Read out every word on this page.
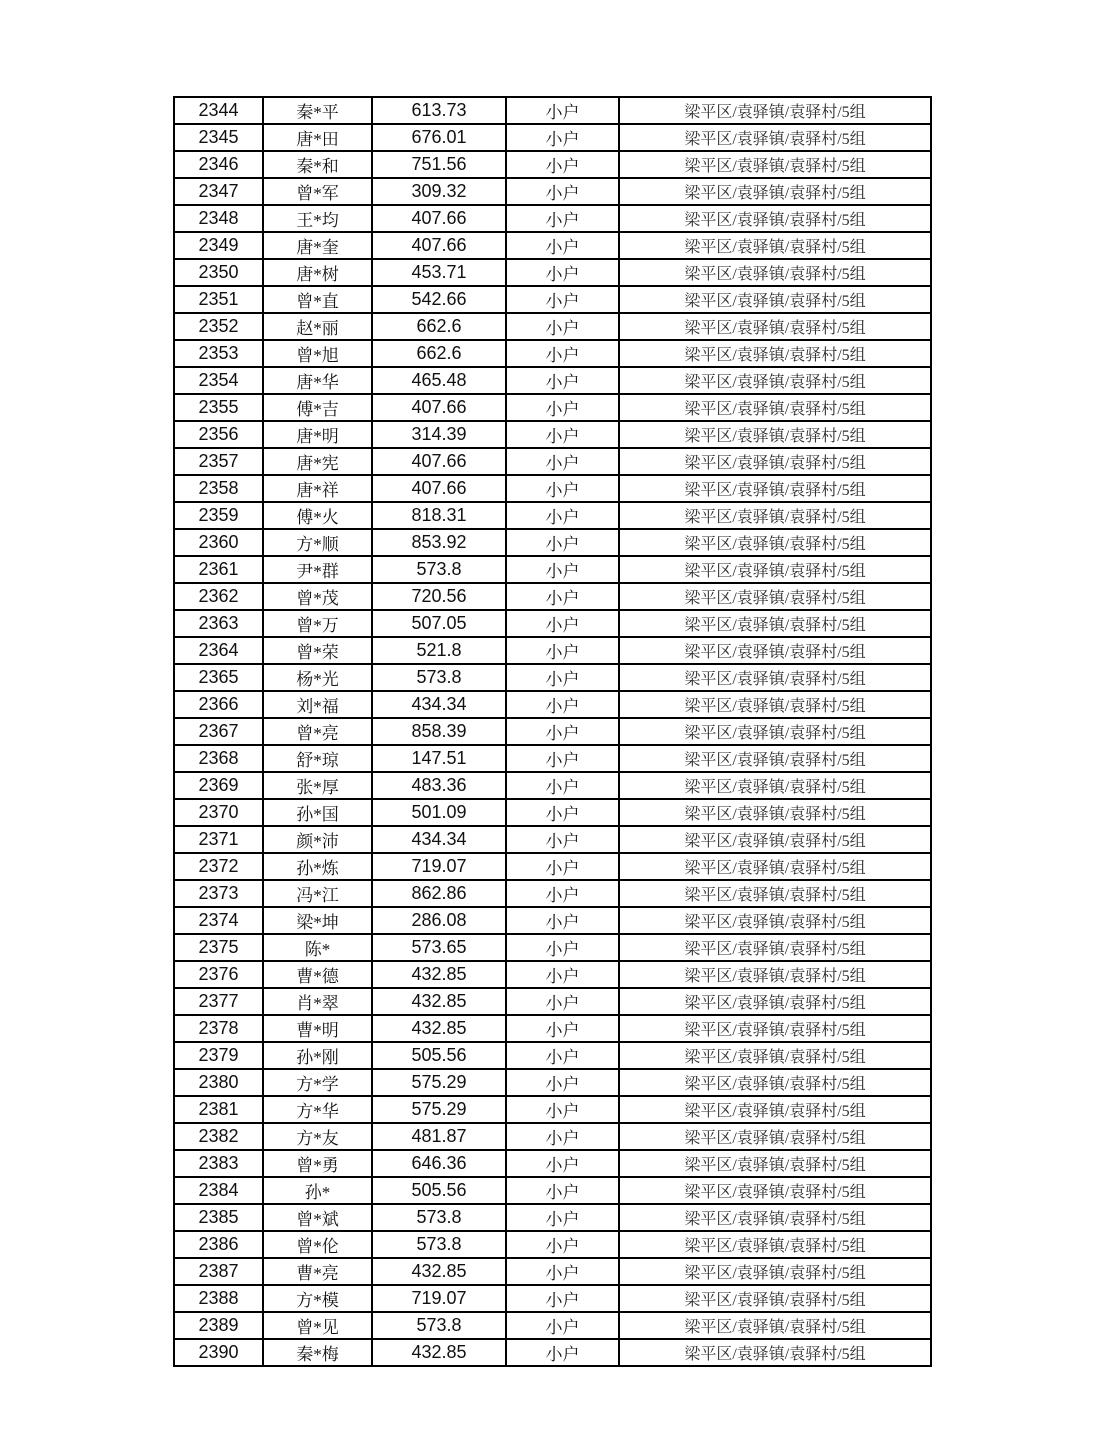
2344	秦*平	613.73	小户	梁平区/袁驿镇/袁驿村/5组
2345	唐*田	676.01	小户	梁平区/袁驿镇/袁驿村/5组
2346	秦*和	751.56	小户	梁平区/袁驿镇/袁驿村/5组
2347	曾*军	309.32	小户	梁平区/袁驿镇/袁驿村/5组
2348	王*均	407.66	小户	梁平区/袁驿镇/袁驿村/5组
2349	唐*奎	407.66	小户	梁平区/袁驿镇/袁驿村/5组
2350	唐*树	453.71	小户	梁平区/袁驿镇/袁驿村/5组
2351	曾*直	542.66	小户	梁平区/袁驿镇/袁驿村/5组
2352	赵*丽	662.6	小户	梁平区/袁驿镇/袁驿村/5组
2353	曾*旭	662.6	小户	梁平区/袁驿镇/袁驿村/5组
2354	唐*华	465.48	小户	梁平区/袁驿镇/袁驿村/5组
2355	傅*吉	407.66	小户	梁平区/袁驿镇/袁驿村/5组
2356	唐*明	314.39	小户	梁平区/袁驿镇/袁驿村/5组
2357	唐*宪	407.66	小户	梁平区/袁驿镇/袁驿村/5组
2358	唐*祥	407.66	小户	梁平区/袁驿镇/袁驿村/5组
2359	傅*火	818.31	小户	梁平区/袁驿镇/袁驿村/5组
2360	方*顺	853.92	小户	梁平区/袁驿镇/袁驿村/5组
2361	尹*群	573.8	小户	梁平区/袁驿镇/袁驿村/5组
2362	曾*茂	720.56	小户	梁平区/袁驿镇/袁驿村/5组
2363	曾*万	507.05	小户	梁平区/袁驿镇/袁驿村/5组
2364	曾*荣	521.8	小户	梁平区/袁驿镇/袁驿村/5组
2365	杨*光	573.8	小户	梁平区/袁驿镇/袁驿村/5组
2366	刘*福	434.34	小户	梁平区/袁驿镇/袁驿村/5组
2367	曾*亮	858.39	小户	梁平区/袁驿镇/袁驿村/5组
2368	舒*琼	147.51	小户	梁平区/袁驿镇/袁驿村/5组
2369	张*厚	483.36	小户	梁平区/袁驿镇/袁驿村/5组
2370	孙*国	501.09	小户	梁平区/袁驿镇/袁驿村/5组
2371	颜*沛	434.34	小户	梁平区/袁驿镇/袁驿村/5组
2372	孙*炼	719.07	小户	梁平区/袁驿镇/袁驿村/5组
2373	冯*江	862.86	小户	梁平区/袁驿镇/袁驿村/5组
2374	梁*坤	286.08	小户	梁平区/袁驿镇/袁驿村/5组
2375	陈*	573.65	小户	梁平区/袁驿镇/袁驿村/5组
2376	曹*德	432.85	小户	梁平区/袁驿镇/袁驿村/5组
2377	肖*翠	432.85	小户	梁平区/袁驿镇/袁驿村/5组
2378	曹*明	432.85	小户	梁平区/袁驿镇/袁驿村/5组
2379	孙*刚	505.56	小户	梁平区/袁驿镇/袁驿村/5组
2380	方*学	575.29	小户	梁平区/袁驿镇/袁驿村/5组
2381	方*华	575.29	小户	梁平区/袁驿镇/袁驿村/5组
2382	方*友	481.87	小户	梁平区/袁驿镇/袁驿村/5组
2383	曾*勇	646.36	小户	梁平区/袁驿镇/袁驿村/5组
2384	孙*	505.56	小户	梁平区/袁驿镇/袁驿村/5组
2385	曾*斌	573.8	小户	梁平区/袁驿镇/袁驿村/5组
2386	曾*伦	573.8	小户	梁平区/袁驿镇/袁驿村/5组
2387	曹*亮	432.85	小户	梁平区/袁驿镇/袁驿村/5组
2388	方*模	719.07	小户	梁平区/袁驿镇/袁驿村/5组
2389	曾*见	573.8	小户	梁平区/袁驿镇/袁驿村/5组
2390	秦*梅	432.85	小户	梁平区/袁驿镇/袁驿村/5组
